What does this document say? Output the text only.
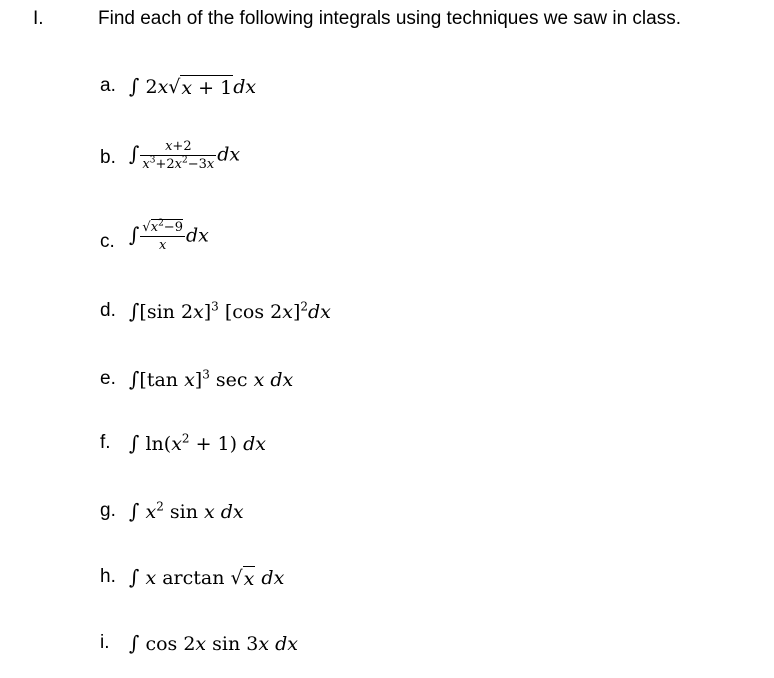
I.	Find each of the following integrals using techniques we saw in class.
a. ∫ 2x√ x + 1 dx
b. ∫ $\frac{x+2}{x^3+2x^2-3x}$ dx
c. ∫ $\frac{√x^2-9}{x}$ dx
d. ∫[sin 2x]$^3$ [cos 2x]$^2$dx
e. ∫[tan x]$^3$ sec x dx
f. ∫ $\ln(x^2 + 1)$ dx
g. ∫ $x^2$ sin x dx
h. ∫ x arctan √ x dx
i. ∫ cos 2x sin 3x dx
